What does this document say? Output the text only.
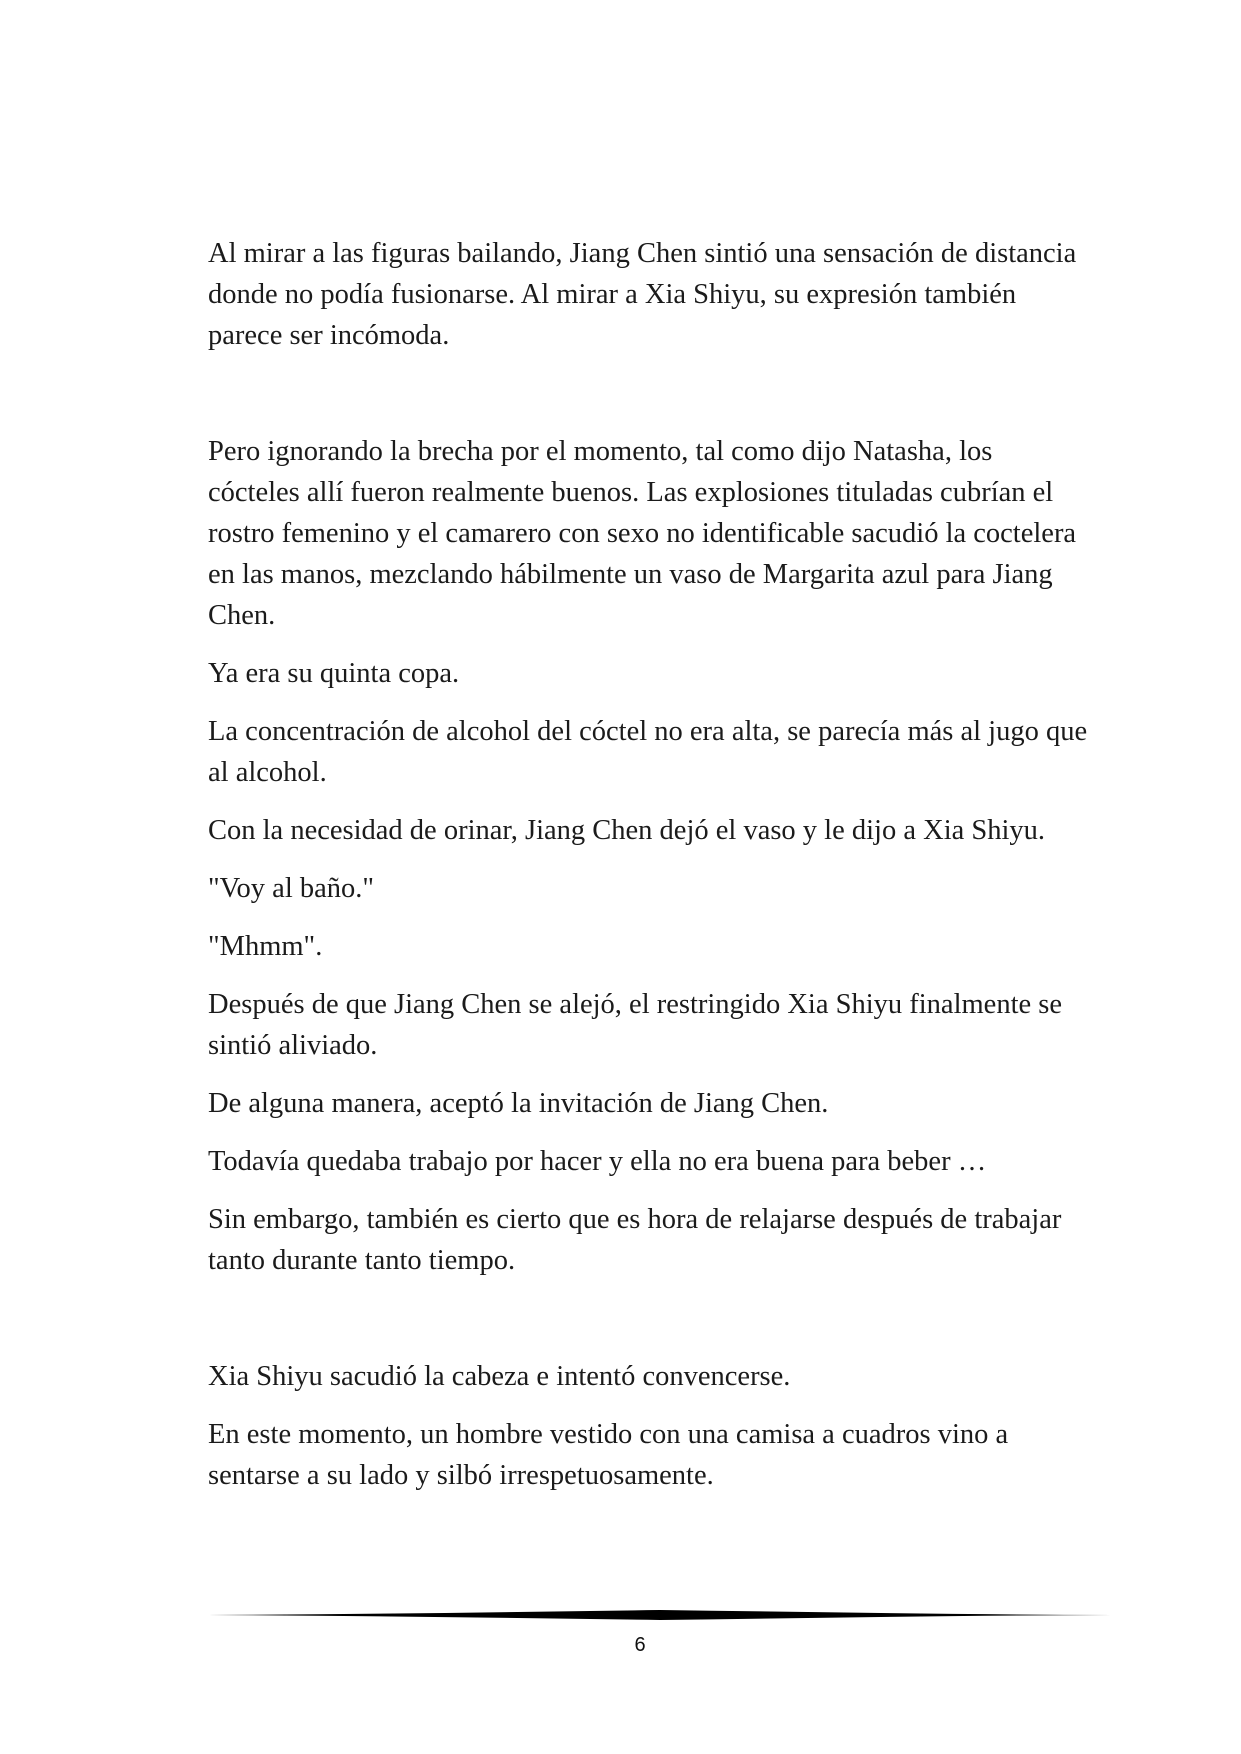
Al mirar a las figuras bailando, Jiang Chen sintió una sensación de distancia donde no podía fusionarse. Al mirar a Xia Shiyu, su expresión también parece ser incómoda.

Pero ignorando la brecha por el momento, tal como dijo Natasha, los cócteles allí fueron realmente buenos. Las explosiones tituladas cubrían el rostro femenino y el camarero con sexo no identificable sacudió la coctelera en las manos, mezclando hábilmente un vaso de Margarita azul para Jiang Chen.

Ya era su quinta copa.

La concentración de alcohol del cóctel no era alta, se parecía más al jugo que al alcohol.

Con la necesidad de orinar, Jiang Chen dejó el vaso y le dijo a Xia Shiyu.

"Voy al baño."

"Mhmm".

Después de que Jiang Chen se alejó, el restringido Xia Shiyu finalmente se sintió aliviado.

De alguna manera, aceptó la invitación de Jiang Chen.

Todavía quedaba trabajo por hacer y ella no era buena para beber …

Sin embargo, también es cierto que es hora de relajarse después de trabajar tanto durante tanto tiempo.

Xia Shiyu sacudió la cabeza e intentó convencerse.

En este momento, un hombre vestido con una camisa a cuadros vino a sentarse a su lado y silbó irrespetuosamente.

6
